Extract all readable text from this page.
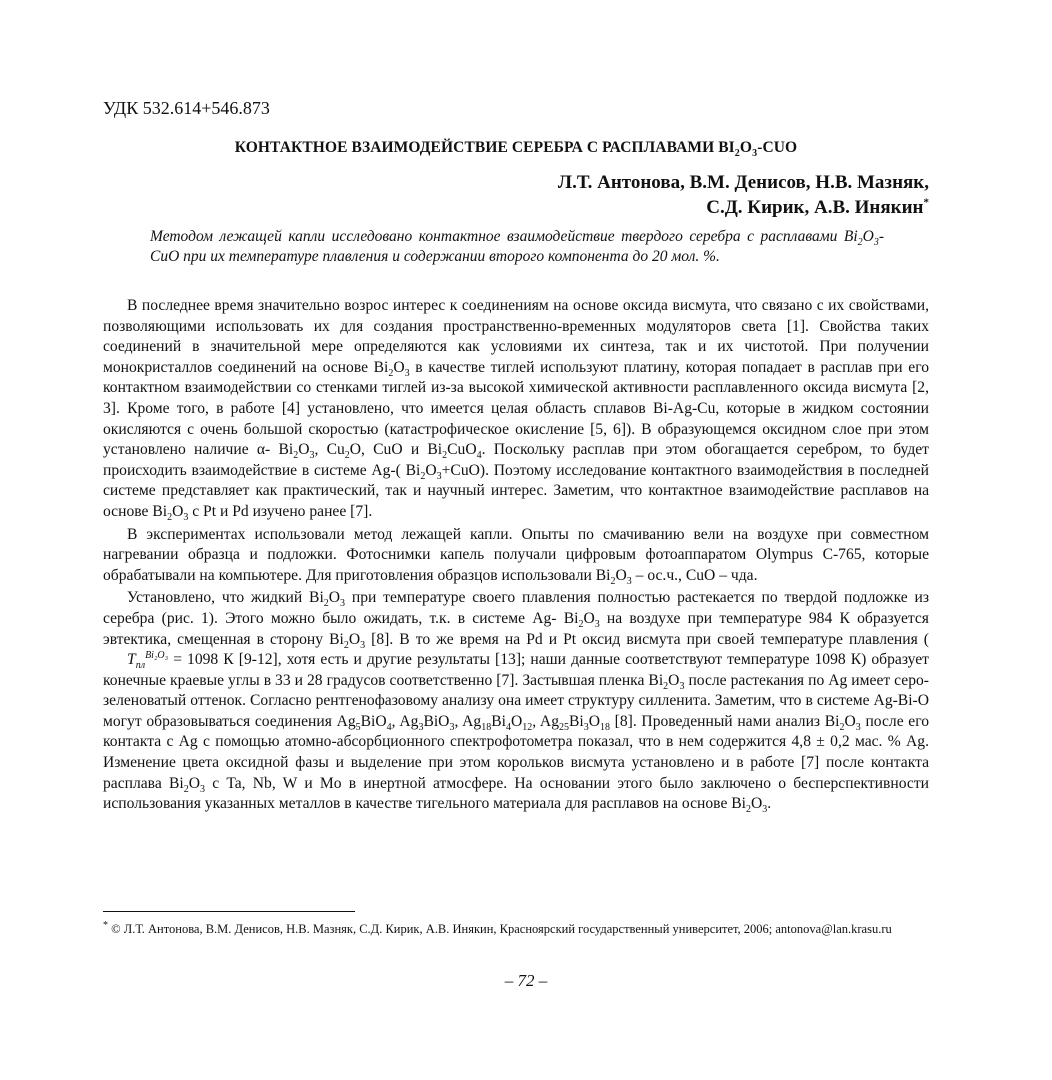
УДК 532.614+546.873
КОНТАКТНОЕ ВЗАИМОДЕЙСТВИЕ СЕРЕБРА С РАСПЛАВАМИ $BI_2O_3$-CUO
Л.Т. Антонова, В.М. Денисов, Н.В. Мазняк,
С.Д. Кирик, А.В. Инякин*
Методом лежащей капли исследовано контактное взаимодействие твердого серебра с расплавами $Bi_2O_3$-CuO при их температуре плавления и содержании второго компонента до 20 мол. %.

В последнее время значительно возрос интерес к соединениям на основе оксида висмута, что связано с их свойствами, позволяющими использовать их для создания пространственно-временных модуляторов света [1]. Свойства таких соединений в значительной мере определяются как условиями их синтеза, так и их чистотой. При получении монокристаллов соединений на основе $Bi_2O_3$ в качестве тиглей используют платину, которая попадает в расплав при его контактном взаимодействии со стенками тиглей из-за высокой химической активности расплавленного оксида висмута [2, 3]. Кроме того, в работе [4] установлено, что имеется целая область сплавов Bi-Ag-Cu, которые в жидком состоянии окисляются с очень большой скоростью (катастрофическое окисление [5, 6]). В образующемся оксидном слое при этом установлено наличие α- $Bi_2O_3$, $Cu_2O$, CuO и $Bi_2CuO_4$. Поскольку расплав при этом обогащается серебром, то будет происходить взаимодействие в системе Ag-( $Bi_2O_3+CuO$). Поэтому исследование контактного взаимодействия в последней системе представляет как практический, так и научный интерес. Заметим, что контактное взаимодействие расплавов на основе $Bi_2O_3$ с Pt и Pd изучено ранее [7].

В экспериментах использовали метод лежащей капли. Опыты по смачиванию вели на воздухе при совместном нагревании образца и подложки. Фотоснимки капель получали цифровым фотоаппаратом Olympus C-765, которые обрабатывали на компьютере. Для приготовления образцов использовали $Bi_2O_3 - ос.ч$., CuO – чда.

Установлено, что жидкий $Bi_2O_3$ при температуре своего плавления полностью растекается по твердой подложке из серебра (рис. 1). Этого можно было ожидать, т.к. в системе Ag- $Bi_2O_3$ на воздухе при температуре 984 К образуется эвтектика, смещенная в сторону $Bi_2O_3$ [8]. В то же время на Pd и Pt оксид висмута при своей температуре плавления ($T_{пл}^{Bi_2O_3} = 1098$ К [9-12], хотя есть и другие результаты [13]; наши данные соответствуют температуре 1098 К) образует конечные краевые углы в 33 и 28 градусов соответственно [7]. Застывшая пленка $Bi_2O_3$ после растекания по Ag имеет серо-зеленоватый оттенок. Согласно рентгенофазовому анализу она имеет структуру силленита. Заметим, что в системе Ag-Bi-O могут образовываться соединения $Ag_5BiO_4$, $Ag_3BiO_3$, $Ag_{18}Bi_4O_{12}$, $Ag_{25}Bi_3O_{18}$ [8]. Проведенный нами анализ $Bi_2O_3$ после его контакта с Ag с помощью атомно-абсорбционного спектрофотометра показал, что в нем содержится 4,8 ± 0,2 мас. % Ag. Изменение цвета оксидной фазы и выделение при этом корольков висмута установлено и в работе [7] после контакта расплава $Bi_2O_3$ с Ta, Nb, W и Mo в инертной атмосфере. На основании этого было заключено о бесперспективности использования указанных металлов в качестве тигельного материала для расплавов на основе $Bi_2O_3$.

* © Л.Т. Антонова, В.М. Денисов, Н.В. Мазняк, С.Д. Кирик, А.В. Инякин, Красноярский государственный университет, 2006; antonova@lan.krasu.ru
– 72 –
